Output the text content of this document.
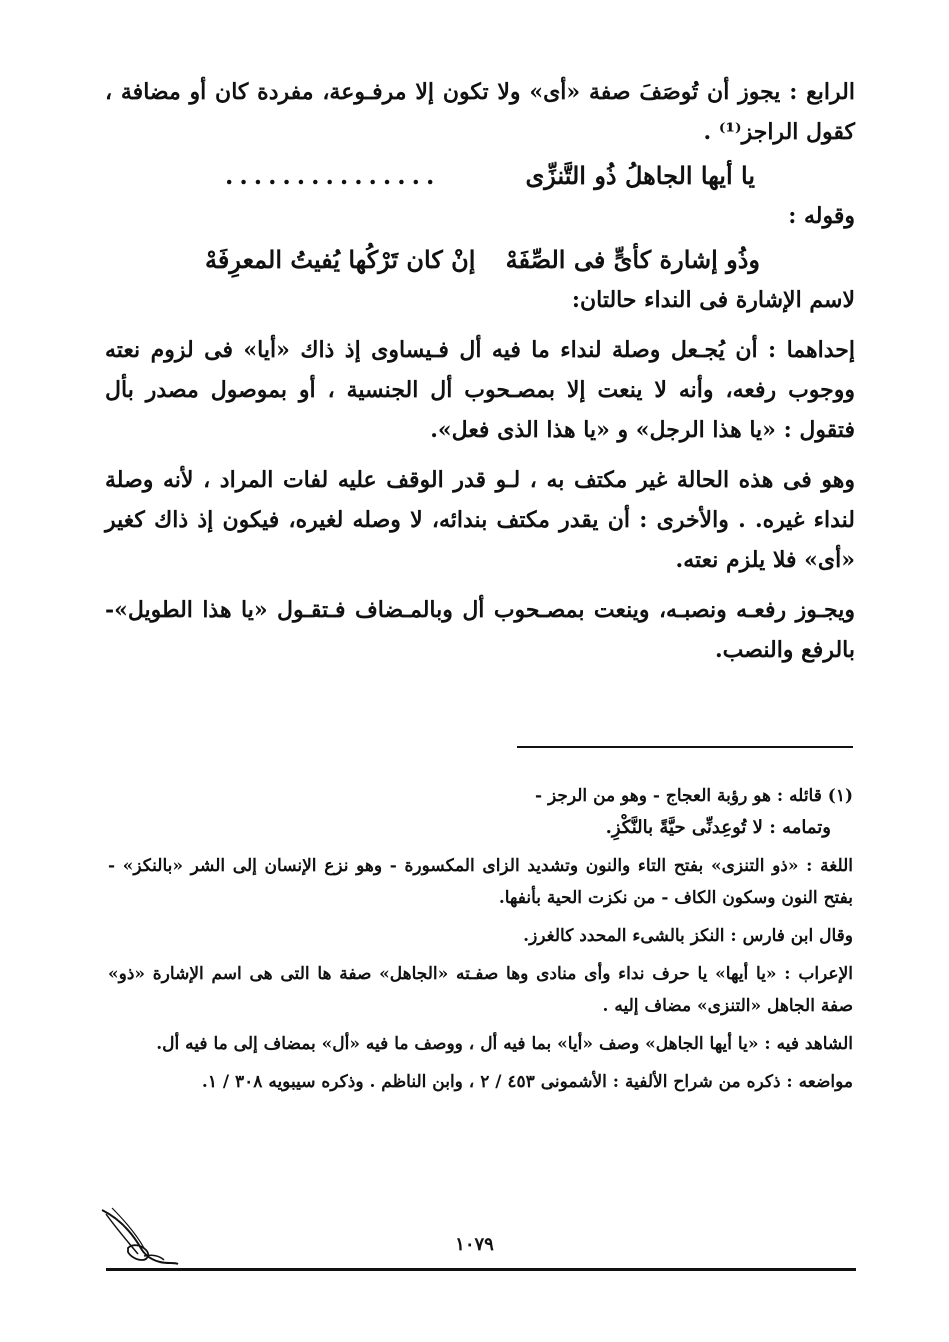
الرابع : يجوز أن تُوصَفَ صفة «أى» ولا تكون إلا مرفـوعة، مفردة كان أو مضافة ، كقول الراجز⁽¹⁾ .

يا أيها الجاهلُ ذُو التَّنزِّى
...............

وقوله :

وذُو إشارة كأىٍّ فى الصِّفَهْ
إنْ كان تَرْكُها يُفيتُ المعرِفَهْ

لاسم الإشارة فى النداء حالتان:

إحداهما : أن يُجـعل وصلة لنداء ما فيه أل فـيساوى إذ ذاك «أيا» فى لزوم نعته ووجوب رفعه، وأنه لا ينعت إلا بمصـحوب أل الجنسية ، أو بموصول مصدر بأل فتقول : «يا هذا الرجل» و «يا هذا الذى فعل».

وهو فى هذه الحالة غير مكتف به ، لـو قدر الوقف عليه لفات المراد ، لأنه وصلة لنداء غيره. . والأخرى : أن يقدر مكتف بندائه، لا وصله لغيره، فيكون إذ ذاك كغير «أى» فلا يلزم نعته.

ويجـوز رفعـه ونصبـه، وينعت بمصـحوب أل وبالمـضاف فـتقـول «يا هذا الطويل»- بالرفع والنصب.

(١) قائله : هو رؤبة العجاج - وهو من الرجز -

وتمامه : لا تُوعِدنِّى حيَّةً بالنَّكْزِ.

اللغة : «ذو التنزى» بفتح التاء والنون وتشديد الزاى المكسورة - وهو نزع الإنسان إلى الشر «بالنكز» - بفتح النون وسكون الكاف - من نكزت الحية بأنفها.

وقال ابن فارس : النكز بالشىء المحدد كالغرز.

الإعراب : «يا أيها» يا حرف نداء وأى منادى وها صفـته «الجاهل» صفة ها التى هى اسم الإشارة «ذو» صفة الجاهل «التنزى» مضاف إليه .

الشاهد فيه : «يا أيها الجاهل» وصف «أيا» بما فيه أل ، ووصف ما فيه «أل» بمضاف إلى ما فيه أل.

مواضعه : ذكره من شراح الألفية : الأشمونى ٤٥٣ / ٢ ، وابن الناظم . وذكره سيبويه ٣٠٨ / ١.

١٠٧٩
